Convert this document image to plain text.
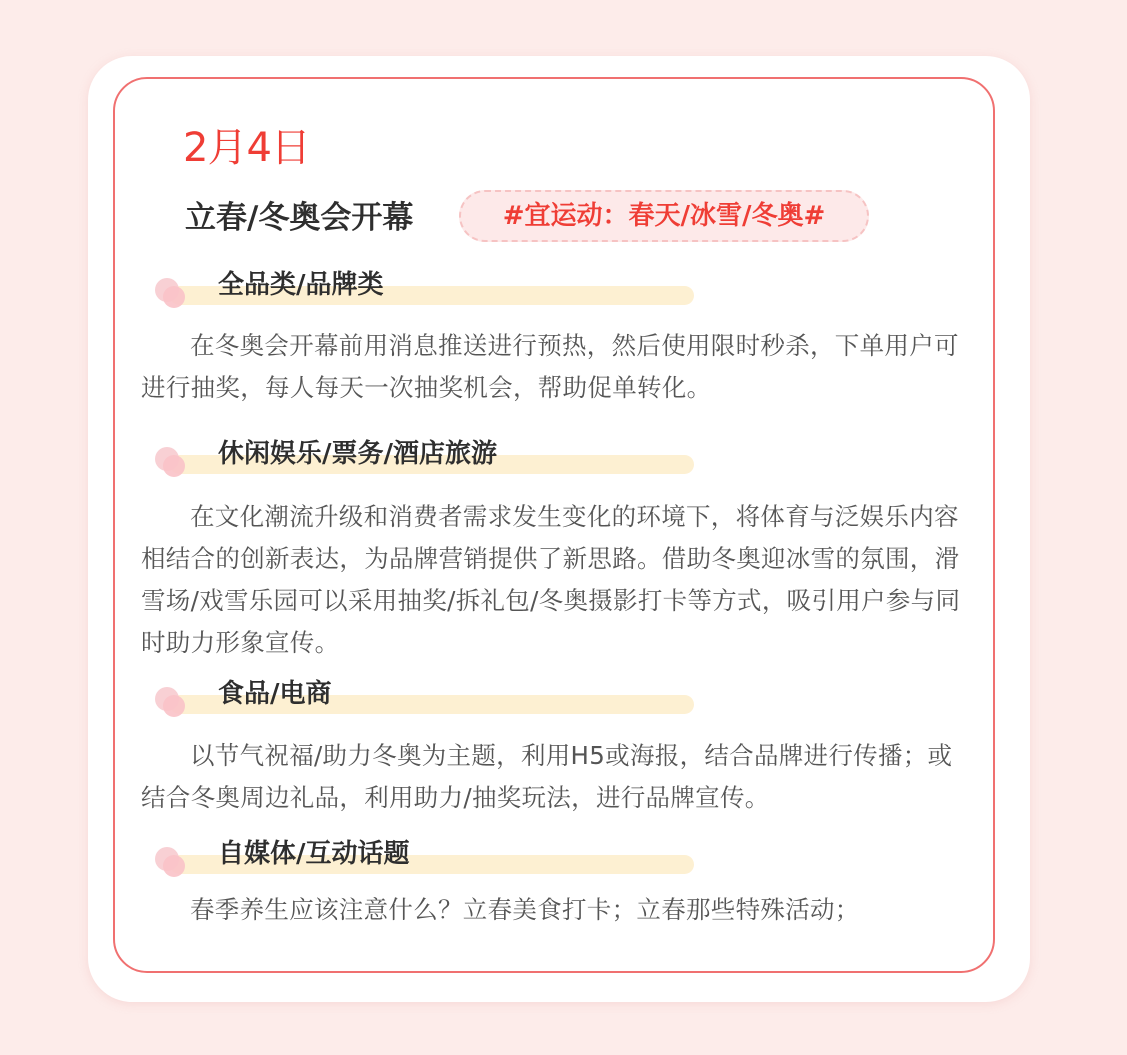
2月4日
立春/冬奥会开幕	#宜运动：春天/冰雪/冬奥#
全品类/品牌类
在冬奥会开幕前用消息推送进行预热，然后使用限时秒杀，下单用户可进行抽奖，每人每天一次抽奖机会，帮助促单转化。
休闲娱乐/票务/酒店旅游
在文化潮流升级和消费者需求发生变化的环境下，将体育与泛娱乐内容相结合的创新表达，为品牌营销提供了新思路。借助冬奥迎冰雪的氛围，滑雪场/戏雪乐园可以采用抽奖/拆礼包/冬奥摄影打卡等方式，吸引用户参与同时助力形象宣传。
食品/电商
以节气祝福/助力冬奥为主题，利用H5或海报，结合品牌进行传播；或结合冬奥周边礼品，利用助力/抽奖玩法，进行品牌宣传。
自媒体/互动话题
春季养生应该注意什么？立春美食打卡；立春那些特殊活动；
